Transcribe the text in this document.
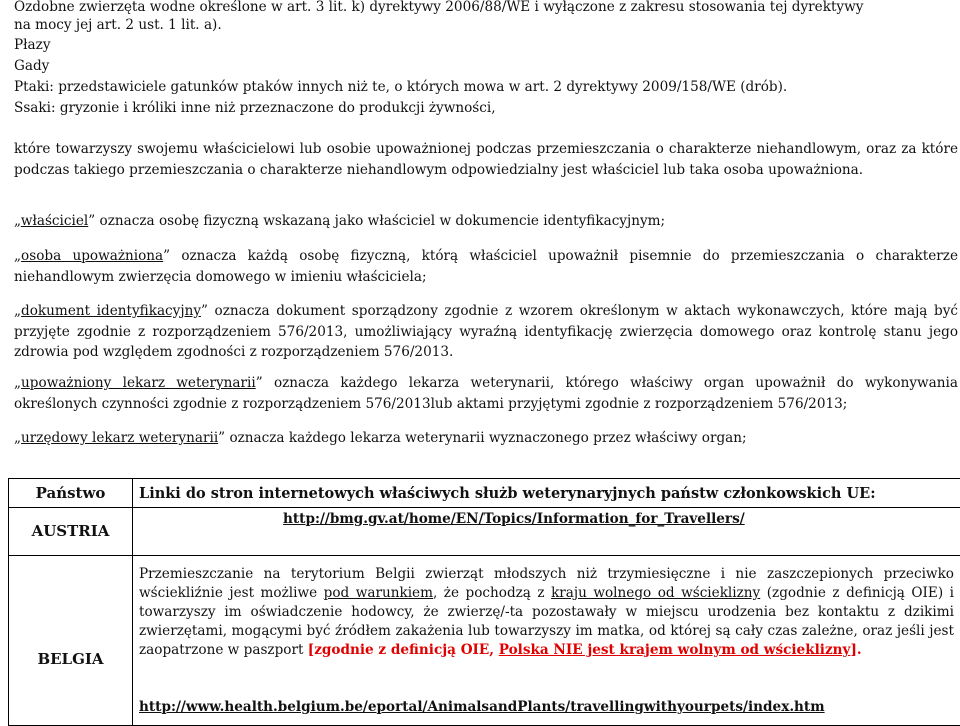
Ozdobne zwierzęta wodne określone w art. 3 lit. k) dyrektywy 2006/88/WE i wyłączone z zakresu stosowania tej dyrektywy
na mocy jej art. 2 ust. 1 lit. a).
Płazy
Gady
Ptaki: przedstawiciele gatunków ptaków innych niż te, o których mowa w art. 2 dyrektywy 2009/158/WE (drób).
Ssaki: gryzonie i króliki inne niż przeznaczone do produkcji żywności,
które towarzyszy swojemu właścicielowi lub osobie upoważnionej podczas przemieszczania o charakterze niehandlowym, oraz za które podczas takiego przemieszczania o charakterze niehandlowym odpowiedzialny jest właściciel lub taka osoba upoważniona.
„właściciel” oznacza osobę fizyczną wskazaną jako właściciel w dokumencie identyfikacyjnym;
„osoba upoważniona” oznacza każdą osobę fizyczną, którą właściciel upoważnił pisemnie do przemieszczania o charakterze niehandlowym zwierzęcia domowego w imieniu właściciela;
„dokument identyfikacyjny” oznacza dokument sporządzony zgodnie z wzorem określonym w aktach wykonawczych, które mają być przyjęte zgodnie z rozporządzeniem 576/2013, umożliwiający wyraźną identyfikację zwierzęcia domowego oraz kontrolę stanu jego zdrowia pod względem zgodności z rozporządzeniem 576/2013.
„upoważniony lekarz weterynarii” oznacza każdego lekarza weterynarii, którego właściwy organ upoważnił do wykonywania określonych czynności zgodnie z rozporządzeniem 576/2013lub aktami przyjętymi zgodnie z rozporządzeniem 576/2013;
„urzędowy lekarz weterynarii” oznacza każdego lekarza weterynarii wyznaczonego przez właściwy organ;
Państwo	Linki do stron internetowych właściwych służb weterynaryjnych państw członkowskich UE:
AUSTRIA	http://bmg.gv.at/home/EN/Topics/Information_for_Travellers/
BELGIA	Przemieszczanie na terytorium Belgii zwierząt młodszych niż trzymiesięczne i nie zaszczepionych przeciwko wściekliźnie jest możliwe pod warunkiem, że pochodzą z kraju wolnego od wścieklizny (zgodnie z definicją OIE) i towarzyszy im oświadczenie hodowcy, że zwierzę/-ta pozostawały w miejscu urodzenia bez kontaktu z dzikimi zwierzętami, mogącymi być źródłem zakażenia lub towarzyszy im matka, od której są cały czas zależne, oraz jeśli jest zaopatrzone w paszport [zgodnie z definicją OIE, Polska NIE jest krajem wolnym od wścieklizny].
http://www.health.belgium.be/eportal/AnimalsandPlants/travellingwithyourpets/index.htm
